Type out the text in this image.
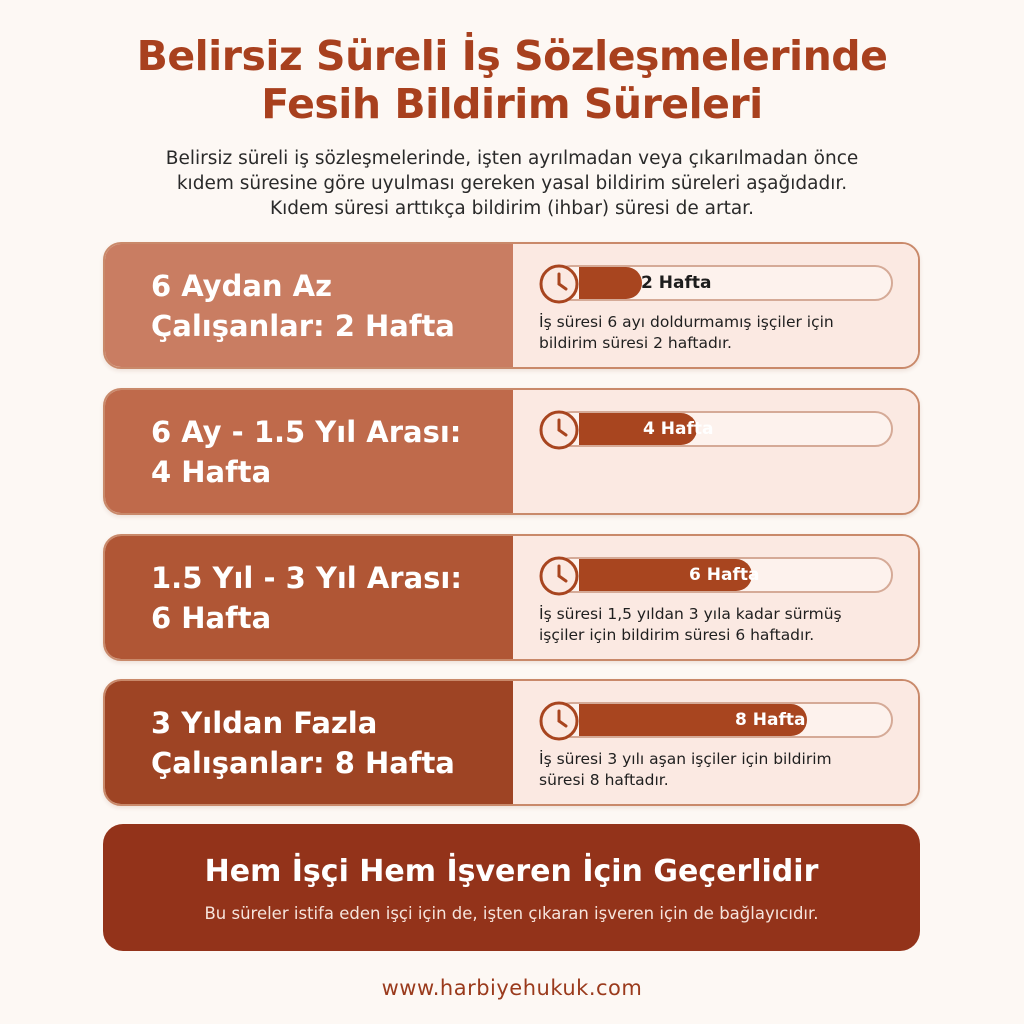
Belirsiz Süreli İş Sözleşmelerinde
Fesih Bildirim Süreleri
Belirsiz süreli iş sözleşmelerinde, işten ayrılmadan veya çıkarılmadan önce
kıdem süresine göre uyulması gereken yasal bildirim süreleri aşağıdadır.
Kıdem süresi arttıkça bildirim (ihbar) süresi de artar.
6 Aydan Az
Çalışanlar: 2 Hafta
2 Hafta
İş süresi 6 ayı doldurmamış işçiler için
bildirim süresi 2 haftadır.
6 Ay - 1.5 Yıl Arası:
4 Hafta
4 Hafta
1.5 Yıl - 3 Yıl Arası:
6 Hafta
6 Hafta
İş süresi 1,5 yıldan 3 yıla kadar sürmüş
işçiler için bildirim süresi 6 haftadır.
3 Yıldan Fazla
Çalışanlar: 8 Hafta
8 Hafta
İş süresi 3 yılı aşan işçiler için bildirim
süresi 8 haftadır.
Hem İşçi Hem İşveren İçin Geçerlidir
Bu süreler istifa eden işçi için de, işten çıkaran işveren için de bağlayıcıdır.
www.harbiyehukuk.com
